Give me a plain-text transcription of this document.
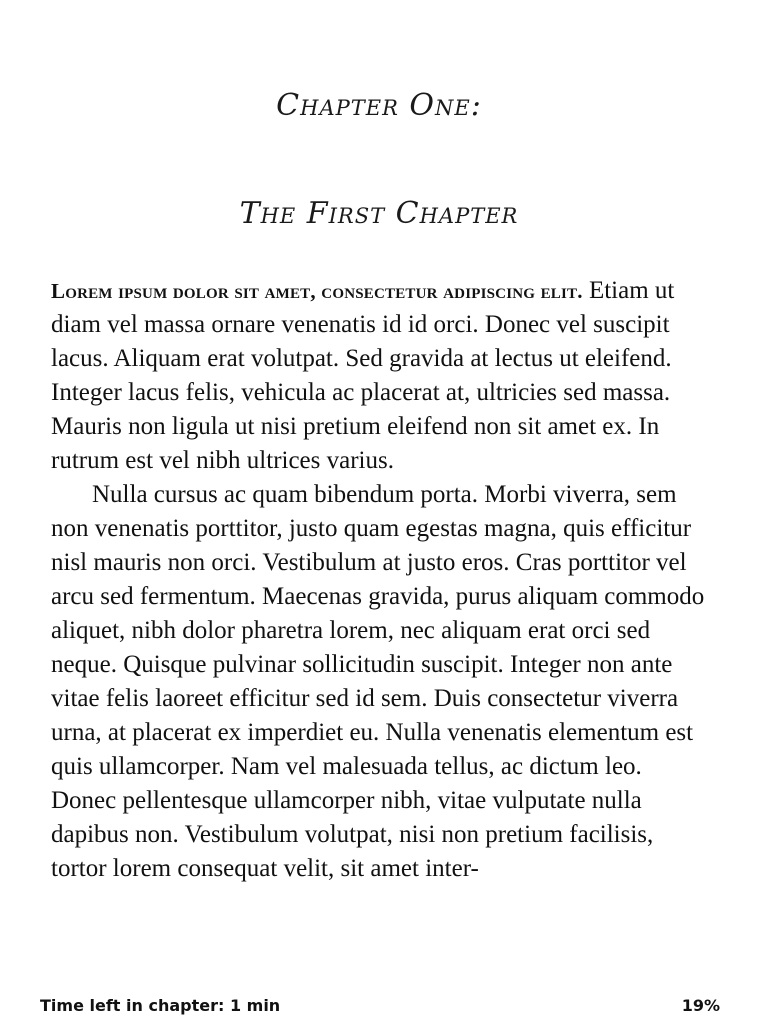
Chapter One:
The First Chapter

Lorem ipsum dolor sit amet, consectetur adipiscing elit. Etiam ut diam vel massa ornare venenatis id id orci. Donec vel suscipit lacus. Aliquam erat volutpat. Sed gravida at lectus ut eleifend. Integer lacus felis, vehicula ac placerat at, ultricies sed massa. Mauris non ligula ut nisi pretium eleifend non sit amet ex. In rutrum est vel nibh ultrices varius.

Nulla cursus ac quam bibendum porta. Morbi viverra, sem non venenatis porttitor, justo quam egestas magna, quis efficitur nisl mauris non orci. Vestibulum at justo eros. Cras porttitor vel arcu sed fermentum. Maecenas gravida, purus aliquam commodo aliquet, nibh dolor pharetra lorem, nec aliquam erat orci sed neque. Quisque pulvinar sollicitudin suscipit. Integer non ante vitae felis laoreet efficitur sed id sem. Duis consectetur viverra urna, at placerat ex imperdiet eu. Nulla venenatis elementum est quis ullamcorper. Nam vel malesuada tellus, ac dictum leo. Donec pellentesque ullamcorper nibh, vitae vulputate nulla dapibus non. Vestibulum volutpat, nisi non pretium facilisis, tortor lorem consequat velit, sit amet inter-

Time left in chapter: 1 min	19%
